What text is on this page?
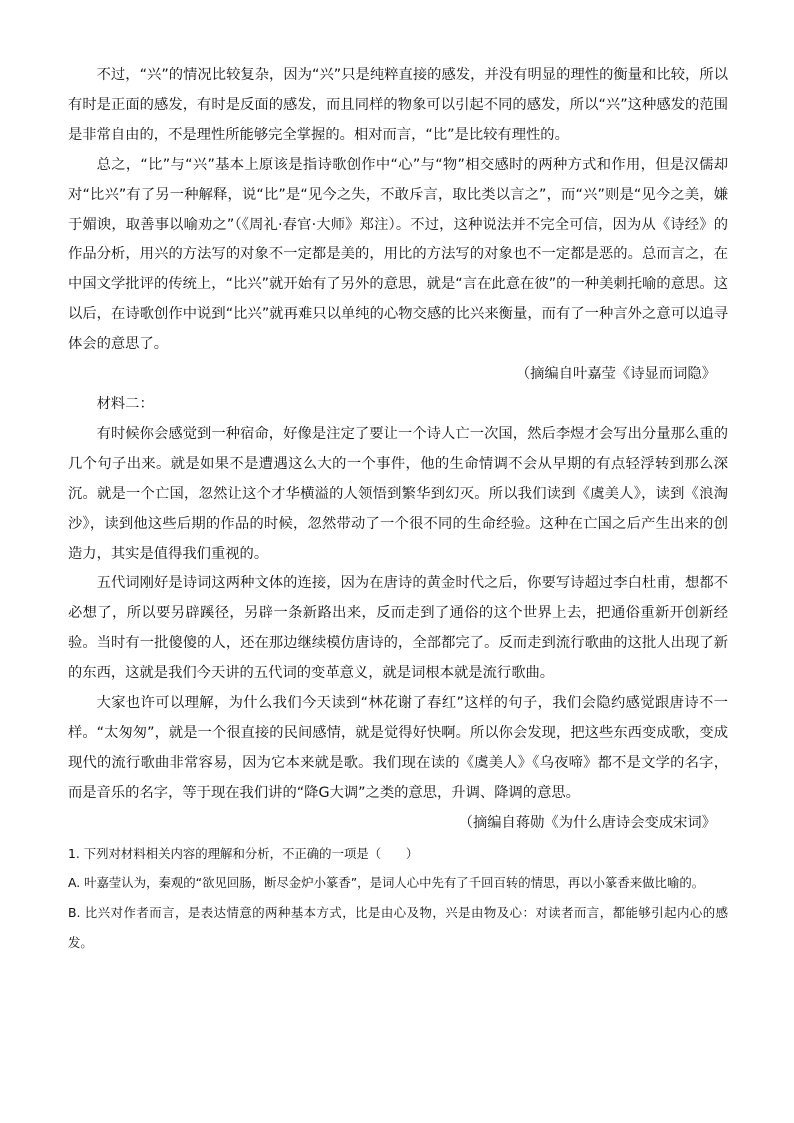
不过，“兴”的情况比较复杂，因为“兴”只是纯粹直接的感发，并没有明显的理性的衡量和比较，所以有时是正面的感发，有时是反面的感发，而且同样的物象可以引起不同的感发，所以“兴”这种感发的范围是非常自由的，不是理性所能够完全掌握的。相对而言，“比”是比较有理性的。

总之，“比”与“兴”基本上原该是指诗歌创作中“心”与“物”相交感时的两种方式和作用，但是汉儒却对“比兴”有了另一种解释，说“比”是“见今之失，不敢斥言，取比类以言之”，而“兴”则是“见今之美，嫌于媚谀，取善事以喻劝之”（《周礼·春官·大师》郑注）。不过，这种说法并不完全可信，因为从《诗经》的作品分析，用兴的方法写的对象不一定都是美的，用比的方法写的对象也不一定都是恶的。总而言之，在中国文学批评的传统上，“比兴”就开始有了另外的意思，就是“言在此意在彼”的一种美刺托喻的意思。这以后，在诗歌创作中说到“比兴”就再难只以单纯的心物交感的比兴来衡量，而有了一种言外之意可以追寻体会的意思了。

（摘编自叶嘉莹《诗显而词隐》

材料二：

有时候你会感觉到一种宿命，好像是注定了要让一个诗人亡一次国，然后李煜才会写出分量那么重的几个句子出来。就是如果不是遭遇这么大的一个事件，他的生命情调不会从早期的有点轻浮转到那么深沉。就是一个亡国，忽然让这个才华横溢的人领悟到繁华到幻灭。所以我们读到《虞美人》，读到《浪淘沙》，读到他这些后期的作品的时候，忽然带动了一个很不同的生命经验。这种在亡国之后产生出来的创造力，其实是值得我们重视的。

五代词刚好是诗词这两种文体的连接，因为在唐诗的黄金时代之后，你要写诗超过李白杜甫，想都不必想了，所以要另辟蹊径，另辟一条新路出来，反而走到了通俗的这个世界上去，把通俗重新开创新经验。当时有一批傻傻的人，还在那边继续模仿唐诗的，全部都完了。反而走到流行歌曲的这批人出现了新的东西，这就是我们今天讲的五代词的变革意义，就是词根本就是流行歌曲。

大家也许可以理解，为什么我们今天读到“林花谢了春红”这样的句子，我们会隐约感觉跟唐诗不一样。“太匆匆”，就是一个很直接的民间感情，就是觉得好快啊。所以你会发现，把这些东西变成歌，变成现代的流行歌曲非常容易，因为它本来就是歌。我们现在读的《虞美人》《乌夜啼》都不是文学的名字，而是音乐的名字，等于现在我们讲的“降G大调”之类的意思，升调、降调的意思。

（摘编自蒋勋《为什么唐诗会变成宋词》

1. 下列对材料相关内容的理解和分析，不正确的一项是（　　）

A. 叶嘉莹认为，秦观的“欲见回肠，断尽金炉小篆香”，是词人心中先有了千回百转的情思，再以小篆香来做比喻的。

B. 比兴对作者而言，是表达情意的两种基本方式，比是由心及物，兴是由物及心：对读者而言，都能够引起内心的感发。
